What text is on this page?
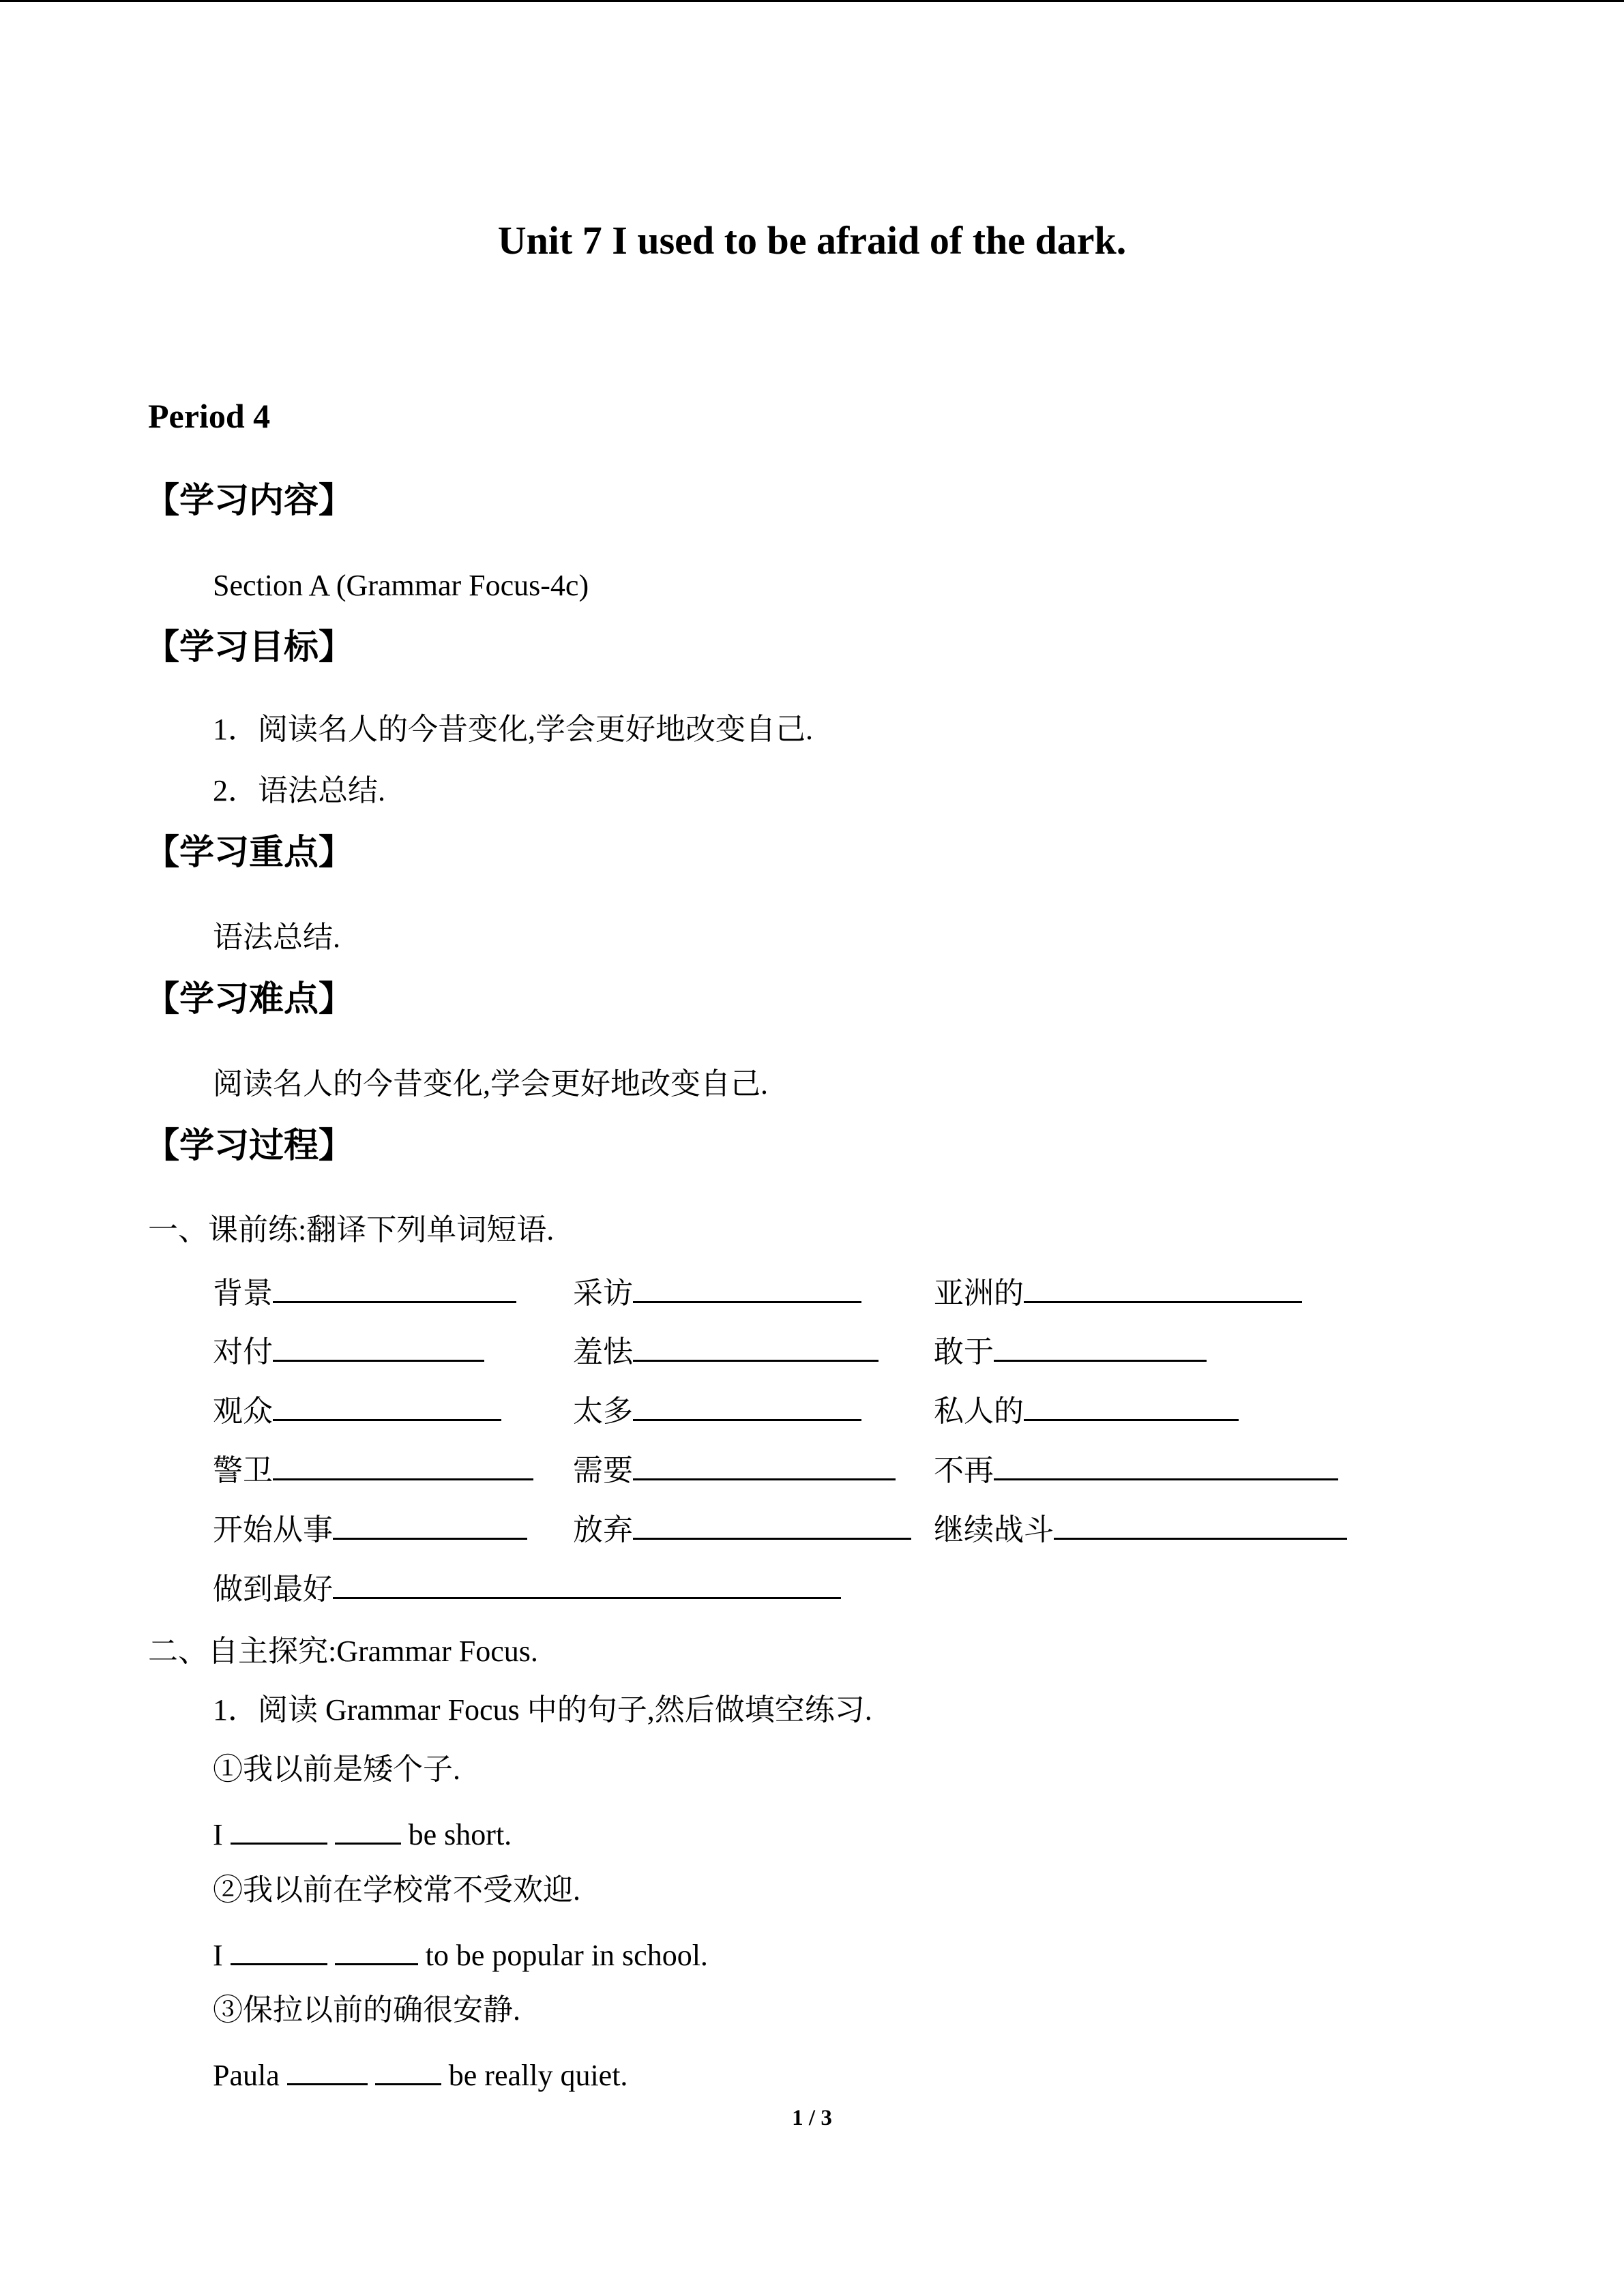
Unit 7 I used to be afraid of the dark.
Period 4
【学习内容】
Section A (Grammar Focus-4c)
【学习目标】
1．阅读名人的今昔变化,学会更好地改变自己.
2．语法总结.
【学习重点】
语法总结.
【学习难点】
阅读名人的今昔变化,学会更好地改变自己.
【学习过程】
一、课前练:翻译下列单词短语.
背景	采访	亚洲的
对付	羞怯	敢于
观众	太多	私人的
警卫	需要	不再
开始从事	放弃	继续战斗
做到最好
二、自主探究:Grammar Focus.
1．阅读 Grammar Focus 中的句子,然后做填空练习.
①我以前是矮个子.
I	be short.
②我以前在学校常不受欢迎.
I	to be popular in school.
③保拉以前的确很安静.
Paula	be really quiet.
1 / 3
